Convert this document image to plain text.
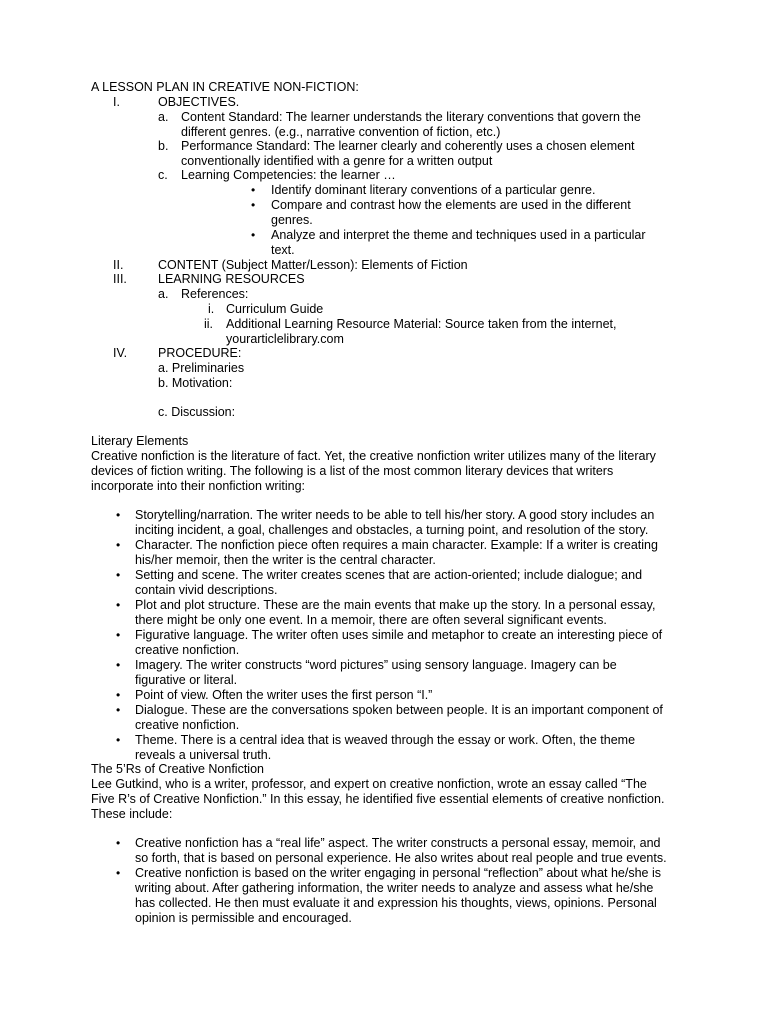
A LESSON PLAN IN CREATIVE NON-FICTION:
I.	OBJECTIVES.
a. Content Standard: The learner understands the literary conventions that govern the
different genres. (e.g., narrative convention of fiction, etc.)
b. Performance Standard: The learner clearly and coherently uses a chosen element
conventionally identified with a genre for a written output
c. Learning Competencies: the learner …
• Identify dominant literary conventions of a particular genre.
• Compare and contrast how the elements are used in the different
genres.
• Analyze and interpret the theme and techniques used in a particular
text.
II.	CONTENT (Subject Matter/Lesson): Elements of Fiction
III. LEARNING RESOURCES
a. References:
i. Curriculum Guide
ii. Additional Learning Resource Material: Source taken from the internet,
yourarticlelibrary.com
IV. PROCEDURE:
a. Preliminaries
b. Motivation:
c. Discussion:
Literary Elements
Creative nonfiction is the literature of fact. Yet, the creative nonfiction writer utilizes many of the literary
devices of fiction writing. The following is a list of the most common literary devices that writers
incorporate into their nonfiction writing:
• Storytelling/narration. The writer needs to be able to tell his/her story. A good story includes an
inciting incident, a goal, challenges and obstacles, a turning point, and resolution of the story.
• Character. The nonfiction piece often requires a main character. Example: If a writer is creating
his/her memoir, then the writer is the central character.
• Setting and scene. The writer creates scenes that are action-oriented; include dialogue; and
contain vivid descriptions.
• Plot and plot structure. These are the main events that make up the story. In a personal essay,
there might be only one event. In a memoir, there are often several significant events.
• Figurative language. The writer often uses simile and metaphor to create an interesting piece of
creative nonfiction.
• Imagery. The writer constructs “word pictures” using sensory language. Imagery can be
figurative or literal.
• Point of view. Often the writer uses the first person “I.”
• Dialogue. These are the conversations spoken between people. It is an important component of
creative nonfiction.
• Theme. There is a central idea that is weaved through the essay or work. Often, the theme
reveals a universal truth.
The 5’Rs of Creative Nonfiction
Lee Gutkind, who is a writer, professor, and expert on creative nonfiction, wrote an essay called “The
Five R’s of Creative Nonfiction.” In this essay, he identified five essential elements of creative nonfiction.
These include:
• Creative nonfiction has a “real life” aspect. The writer constructs a personal essay, memoir, and
so forth, that is based on personal experience. He also writes about real people and true events.
• Creative nonfiction is based on the writer engaging in personal “reflection” about what he/she is
writing about. After gathering information, the writer needs to analyze and assess what he/she
has collected. He then must evaluate it and expression his thoughts, views, opinions. Personal
opinion is permissible and encouraged.
